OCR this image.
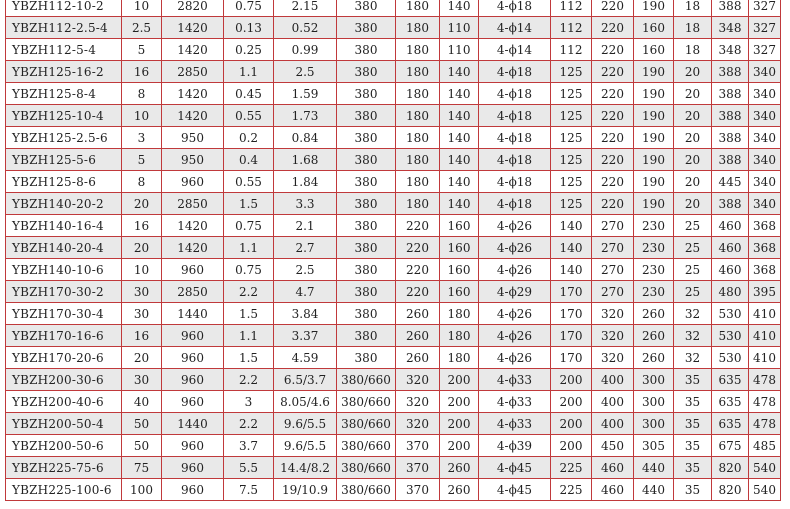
YBZH112-10-2	10	2820	0.75	2.15	380	180	140	4-ϕ18	112	220	190	18	388	327
YBZH112-2.5-4	2.5	1420	0.13	0.52	380	180	110	4-ϕ14	112	220	160	18	348	327
YBZH112-5-4	5	1420	0.25	0.99	380	180	110	4-ϕ14	112	220	160	18	348	327
YBZH125-16-2	16	2850	1.1	2.5	380	180	140	4-ϕ18	125	220	190	20	388	340
YBZH125-8-4	8	1420	0.45	1.59	380	180	140	4-ϕ18	125	220	190	20	388	340
YBZH125-10-4	10	1420	0.55	1.73	380	180	140	4-ϕ18	125	220	190	20	388	340
YBZH125-2.5-6	3	950	0.2	0.84	380	180	140	4-ϕ18	125	220	190	20	388	340
YBZH125-5-6	5	950	0.4	1.68	380	180	140	4-ϕ18	125	220	190	20	388	340
YBZH125-8-6	8	960	0.55	1.84	380	180	140	4-ϕ18	125	220	190	20	445	340
YBZH140-20-2	20	2850	1.5	3.3	380	180	140	4-ϕ18	125	220	190	20	388	340
YBZH140-16-4	16	1420	0.75	2.1	380	220	160	4-ϕ26	140	270	230	25	460	368
YBZH140-20-4	20	1420	1.1	2.7	380	220	160	4-ϕ26	140	270	230	25	460	368
YBZH140-10-6	10	960	0.75	2.5	380	220	160	4-ϕ26	140	270	230	25	460	368
YBZH170-30-2	30	2850	2.2	4.7	380	220	160	4-ϕ29	170	270	230	25	480	395
YBZH170-30-4	30	1440	1.5	3.84	380	260	180	4-ϕ26	170	320	260	32	530	410
YBZH170-16-6	16	960	1.1	3.37	380	260	180	4-ϕ26	170	320	260	32	530	410
YBZH170-20-6	20	960	1.5	4.59	380	260	180	4-ϕ26	170	320	260	32	530	410
YBZH200-30-6	30	960	2.2	6.5/3.7	380/660	320	200	4-ϕ33	200	400	300	35	635	478
YBZH200-40-6	40	960	3	8.05/4.6	380/660	320	200	4-ϕ33	200	400	300	35	635	478
YBZH200-50-4	50	1440	2.2	9.6/5.5	380/660	320	200	4-ϕ33	200	400	300	35	635	478
YBZH200-50-6	50	960	3.7	9.6/5.5	380/660	370	200	4-ϕ39	200	450	305	35	675	485
YBZH225-75-6	75	960	5.5	14.4/8.2	380/660	370	260	4-ϕ45	225	460	440	35	820	540
YBZH225-100-6	100	960	7.5	19/10.9	380/660	370	260	4-ϕ45	225	460	440	35	820	540
